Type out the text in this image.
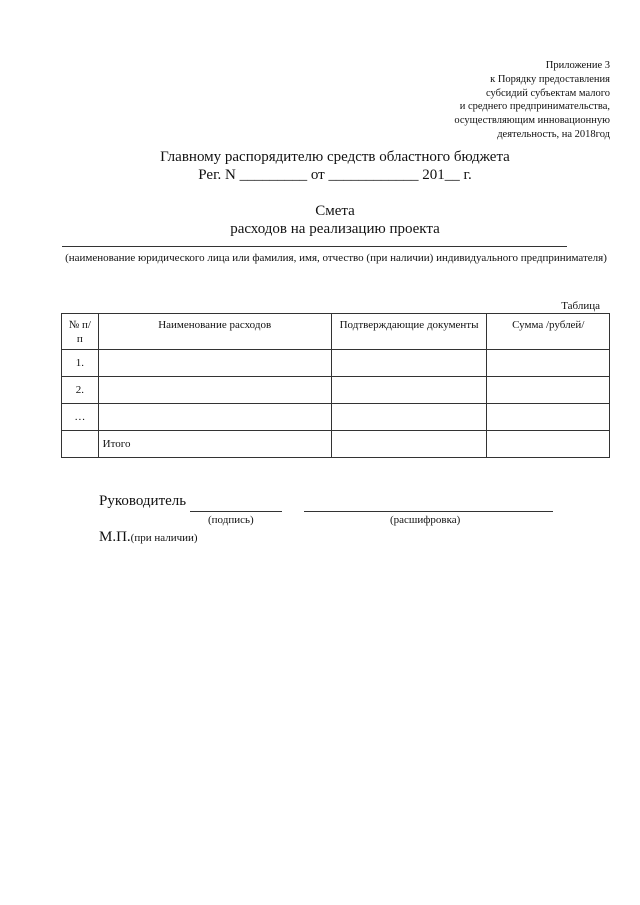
Приложение 3
к Порядку предоставления
субсидий субъектам малого
и среднего предпринимательства,
осуществляющим инновационную
деятельность, на 2018год
Главному распорядителю средств областного бюджета
Рег. N _________ от ____________ 201__ г.
Смета
расходов на реализацию проекта
(наименование юридического лица или фамилия, имя, отчество (при наличии) индивидуального предпринимателя)
Таблица
№ п/п	Наименование расходов	Подтверждающие документы	Сумма /рублей/
1.			
2.			
…			
	Итого		
Руководитель
(подпись)	(расшифровка)
М.П.(при наличии)
